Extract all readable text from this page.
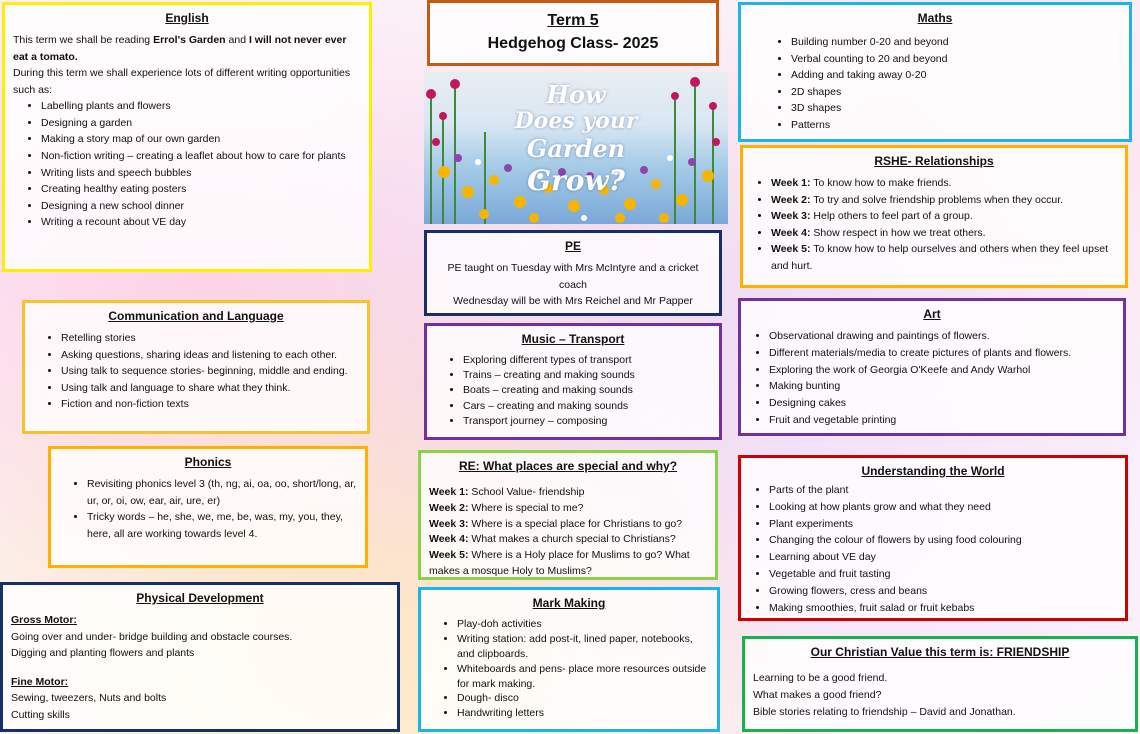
English

This term we shall be reading Errol's Garden and I will not never ever eat a tomato.

During this term we shall experience lots of different writing opportunities such as:

• Labelling plants and flowers
• Designing a garden
• Making a story map of our own garden
• Non-fiction writing – creating a leaflet about how to care for plants
• Writing lists and speech bubbles
• Creating healthy eating posters
• Designing a new school dinner
• Writing a recount about VE day
Communication and Language
• Retelling stories
• Asking questions, sharing ideas and listening to each other.
• Using talk to sequence stories- beginning, middle and ending.
• Using talk and language to share what they think.
• Fiction and non-fiction texts
Phonics
• Revisiting phonics level 3 (th, ng, ai, oa, oo, short/long, ar, ur, or, oi, ow, ear, air, ure, er)
• Tricky words – he, she, we, me, be, was, my, you, they, here, all are working towards level 4.
Physical Development

Gross Motor:

Going over and under- bridge building and obstacle courses.

Digging and planting flowers and plants

Fine Motor:

Sewing, tweezers, Nuts and bolts

Cutting skills

Term 5
Hedgehog Class- 2025
How
Does your
Garden
Grow?
PE

PE taught on Tuesday with Mrs McIntyre and a cricket coach

Wednesday will be with Mrs Reichel and Mr Papper

Music – Transport
• Exploring different types of transport
• Trains – creating and making sounds
• Boats – creating and making sounds
• Cars – creating and making sounds
• Transport journey – composing
RE: What places are special and why?

Week 1: School Value- friendship

Week 2: Where is special to me?

Week 3: Where is a special place for Christians to go?

Week 4: What makes a church special to Christians?

Week 5: Where is a Holy place for Muslims to go? What makes a mosque Holy to Muslims?

Mark Making
• Play-doh activities
• Writing station: add post-it, lined paper, notebooks, and clipboards.
• Whiteboards and pens- place more resources outside for mark making.
• Dough- disco
• Handwriting letters
Maths
• Building number 0-20 and beyond
• Verbal counting to 20 and beyond
• Adding and taking away 0-20
• 2D shapes
• 3D shapes
• Patterns
RSHE- Relationships
• Week 1: To know how to make friends.
• Week 2: To try and solve friendship problems when they occur.
• Week 3: Help others to feel part of a group.
• Week 4: Show respect in how we treat others.
• Week 5: To know how to help ourselves and others when they feel upset and hurt.
Art
• Observational drawing and paintings of flowers.
• Different materials/media to create pictures of plants and flowers.
• Exploring the work of Georgia O'Keefe and Andy Warhol
• Making bunting
• Designing cakes
• Fruit and vegetable printing
Understanding the World
• Parts of the plant
• Looking at how plants grow and what they need
• Plant experiments
• Changing the colour of flowers by using food colouring
• Learning about VE day
• Vegetable and fruit tasting
• Growing flowers, cress and beans
• Making smoothies, fruit salad or fruit kebabs
Our Christian Value this term is: FRIENDSHIP

Learning to be a good friend.

What makes a good friend?

Bible stories relating to friendship – David and Jonathan.
